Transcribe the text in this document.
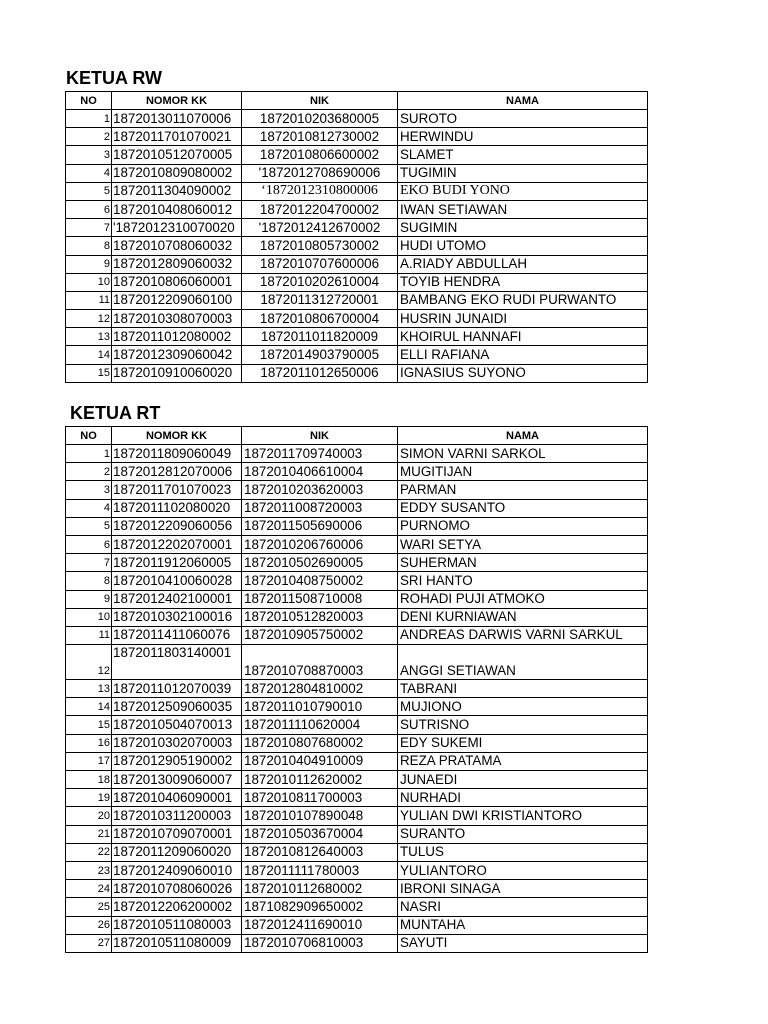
KETUA RW
NO	NOMOR KK	NIK	NAMA
1	1872013011070006	1872010203680005	SUROTO
2	1872011701070021	1872010812730002	HERWINDU
3	1872010512070005	1872010806600002	SLAMET
4	1872010809080002	'1872012708690006	TUGIMIN
5	1872011304090002	‘1872012310800006	EKO BUDI YONO
6	1872010408060012	1872012204700002	IWAN SETIAWAN
7	'1872012310070020	'1872012412670002	SUGIMIN
8	1872010708060032	1872010805730002	HUDI UTOMO
9	1872012809060032	1872010707600006	A.RIADY ABDULLAH
10	1872010806060001	1872010202610004	TOYIB HENDRA
11	1872012209060100	1872011312720001	BAMBANG EKO RUDI PURWANTO
12	1872010308070003	1872010806700004	HUSRIN JUNAIDI
13	1872011012080002	1872011011820009	KHOIRUL HANNAFI
14	1872012309060042	1872014903790005	ELLI RAFIANA
15	1872010910060020	1872011012650006	IGNASIUS SUYONO
KETUA RT
NO	NOMOR KK	NIK	NAMA
1	1872011809060049	1872011709740003	SIMON VARNI SARKOL
2	1872012812070006	1872010406610004	MUGITIJAN
3	1872011701070023	1872010203620003	PARMAN
4	1872011102080020	1872011008720003	EDDY SUSANTO
5	1872012209060056	1872011505690006	PURNOMO
6	1872012202070001	1872010206760006	WARI SETYA
7	1872011912060005	1872010502690005	SUHERMAN
8	1872010410060028	1872010408750002	SRI HANTO
9	1872012402100001	1872011508710008	ROHADI PUJI ATMOKO
10	1872010302100016	1872010512820003	DENI KURNIAWAN
11	1872011411060076	1872010905750002	ANDREAS DARWIS VARNI SARKUL
12	1872011803140001	1872010708870003	ANGGI SETIAWAN
13	1872011012070039	1872012804810002	TABRANI
14	1872012509060035	1872011010790010	MUJIONO
15	1872010504070013	1872011110620004	SUTRISNO
16	1872010302070003	1872010807680002	EDY SUKEMI
17	1872012905190002	1872010404910009	REZA PRATAMA
18	1872013009060007	1872010112620002	JUNAEDI
19	1872010406090001	1872010811700003	NURHADI
20	1872010311200003	1872010107890048	YULIAN DWI KRISTIANTORO
21	1872010709070001	1872010503670004	SURANTO
22	1872011209060020	1872010812640003	TULUS
23	1872012409060010	1872011111780003	YULIANTORO
24	1872010708060026	1872010112680002	IBRONI SINAGA
25	1872012206200002	1871082909650002	NASRI
26	1872010511080003	1872012411690010	MUNTAHA
27	1872010511080009	1872010706810003	SAYUTI
